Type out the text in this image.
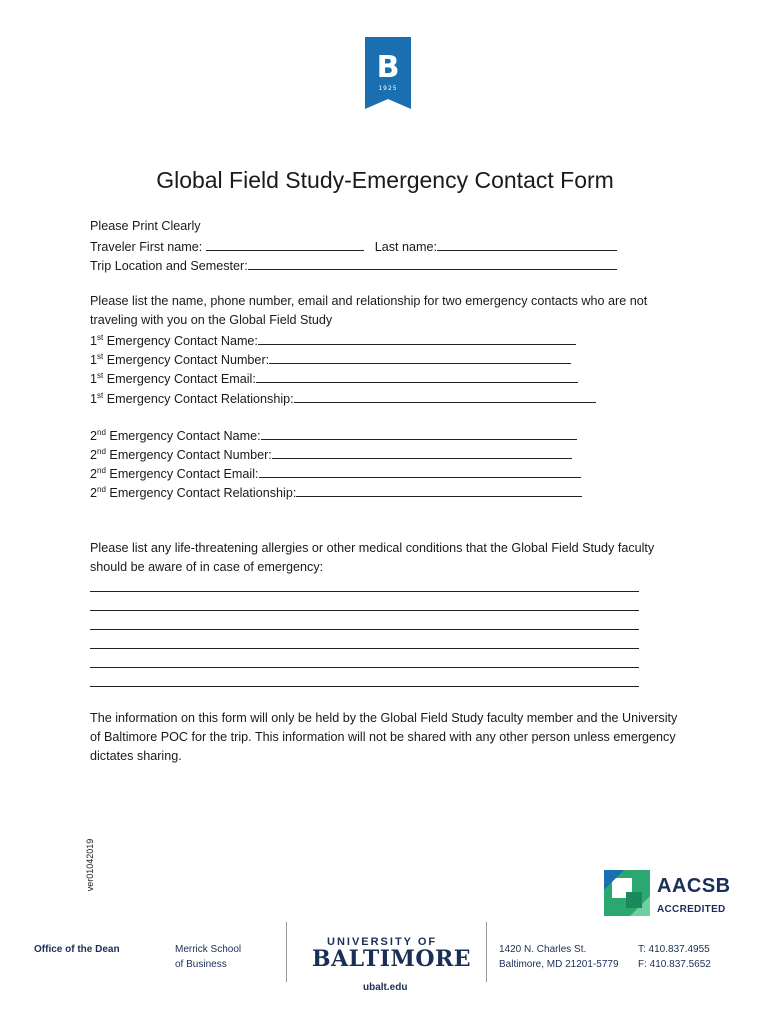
B
1925
Global Field Study-Emergency Contact Form
Please Print Clearly
Traveler First name:	Last name:
Trip Location and Semester:
Please list the name, phone number, email and relationship for two emergency contacts who are not traveling with you on the Global Field Study
1st Emergency Contact Name:
1st Emergency Contact Number:
1st Emergency Contact Email:
1st Emergency Contact Relationship:
2nd Emergency Contact Name:
2nd Emergency Contact Number:
2nd Emergency Contact Email:
2nd Emergency Contact Relationship:
Please list any life-threatening allergies or other medical conditions that the Global Field Study faculty should be aware of in case of emergency:
The information on this form will only be held by the Global Field Study faculty member and the University of Baltimore POC for the trip. This information will not be shared with any other person unless emergency dictates sharing.
ver01042019	AACSB
ACCREDITED
Office of the Dean	Merrick School
of Business
UNIVERSITY OF
BALTIMORE
ubalt.edu
1420 N. Charles St.
Baltimore, MD 21201-5779
T: 410.837.4955
F: 410.837.5652
